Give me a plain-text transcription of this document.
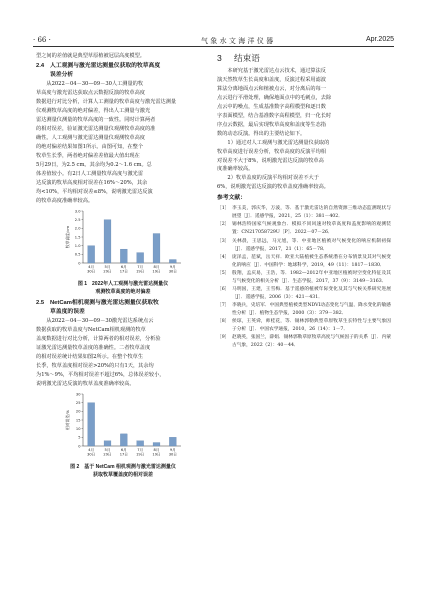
· 66 ·	气象水文海洋仪器	Apr.2025

型之间的差值就是典型草原植被冠层高度模型。

2.4 人工观测与激光雷达测量仪获取的牧草高度
误差分析

从2022－04－30—09－30人工测量的牧
草高度与激光雷达获取点云数据反演的牧草高度
数据进行对比分析，计算人工测量的牧草高度与激光雷达测量
仪观测牧草高度的绝对偏差，得出人工测量与激光
雷达测量仪测量的牧草高度的一致性。同时计算两者
的相对误差，验证激光雷达测量仪观测牧草高度的准
确性。人工观测与激光雷达测量仪观测牧草高度
的绝对偏差结果如图1所示。由图可知，在整个
牧草生长季，两者绝对偏差差值最大值出现在
5月29日，为2.5 cm。其余均为0.2～1.6 cm。总
体差值较小。有2日人工测量牧草高度与激光雷
达反演的牧草高度相对误差在16%～20%，其余
均<10%，平均相对误差≤8%，说明激光雷达反演
的牧草高度准确率较高。

0
0.5
1.0
1.5
2.0
2.5
3.0
牧草高度/cm
4月
30日
5月
29日
6月
17日
7月
19日
8月
19日
9月
30日
图 1　2022年人工观测与激光雷达测量仪
观测牧草高度的绝对偏差
2.5 NetCam相机观测与激光雷达测量仪获取牧
草盖度的误差

从2022－04－30—09－30激光雷达系统点云
数据获取的牧草盖度与NetCam相机观测的牧草
盖度数据进行对比分析，计算两者的相对误差，分析验
证激光雷达测量牧草盖度的准确性。二者牧草盖度
的相对误差统计结果如图2所示。在整个牧草生
长季，牧草盖度相对误差>20%的只有1天，其余均
为1%～9%，平均相对误差不超过6%，总体误差较小，
说明激光雷达反演的牧草盖度准确率较高。

0
5
10
15
20
25
30
相对误差/%
4月
30日
5月
29日
6月
17日
7月
19日
8月
19日
9月
30日
图 2　基于 NetCam 相机观测与激光雷达测量仪
获取牧草覆盖度的相对误差
3 结束语

本研究基于激光雷达点云技术，通过算法反
演天然牧草生长高度和盖度，反演过程采用滤波
算法分离地面点云和植被点云，对分离后的每一
点云进行平滑处理，确保地面点中的毛刺点，去除
点云中的噪点，生成基准数字高程模型和逐日数
字表面模型，结合基准数字高程模型，归一化长时
序点云数据，最后实现牧草高度和盖度等生态指
数的动态反演。得出的主要结论如下。

1）通过对人工观测与激光雷达测量仪获取的
牧草高度进行误差分析，牧草高度的反演平均相
对误差不大于8%，说明激光雷达反演的牧草高
度准确率较高。

2）牧草盖度的反演平均相对误差不大于
6%，说明激光雷达反演的牧草盖度准确率较高。

参考文献：
［1］ 李玉美，郭庆华，万波，等．基于激光雷达的自然资源三维动态监测现状与展望［J］．遥感学报，2021，25（1）：381－402．
［2］ 锡林浩特国家气候观象台．模拟不同风速对牧草高度和盖度影响的观测装置：CN217058729U［P］．2022－07－26．
［3］ 关林晨，王思远，马元旭，等．中亚地区植被对气候变化的响应机制初探［J］．遥感学报，2017，21（1）：65－78．
［4］ 庞泽孟，范斌，岳天祥．欧亚大陆植被生态系统潜在分布情景及其对气候变化的响应［J］．中国科学：地球科学，2019，49（11）：1817－1830．
［5］ 殷翔，孟庆易，王浩，等．1982—2012年中亚地区植被时空变化特征及其与气候变化的相关分析［J］．生态学报，2017，37（9）：3149－3163．
［6］ 马明国，王建，王雪梅．基于遥感的植被年际变化及其与气候关系研究进展［J］．遥感学报，2006（3）：421－431．
［7］ 李晓兵，史培军．中国典型植被类型NDVI动态变化与气温、降水变化的敏感性分析［J］．植物生态学报，2000（3）：379－382．
［8］ 侯琼，王英舜，师桂花，等．锡林郭勒典型草原牧草生长特性与主要气象因子分析［J］．中国农学通报，2010，26（14）：1－7．
［9］ 赵晓英，张国兰，薛娟．锡林郭勒草原牧草高度与气候因子的关系［J］．内蒙古气象，2022（2）：40－44．
